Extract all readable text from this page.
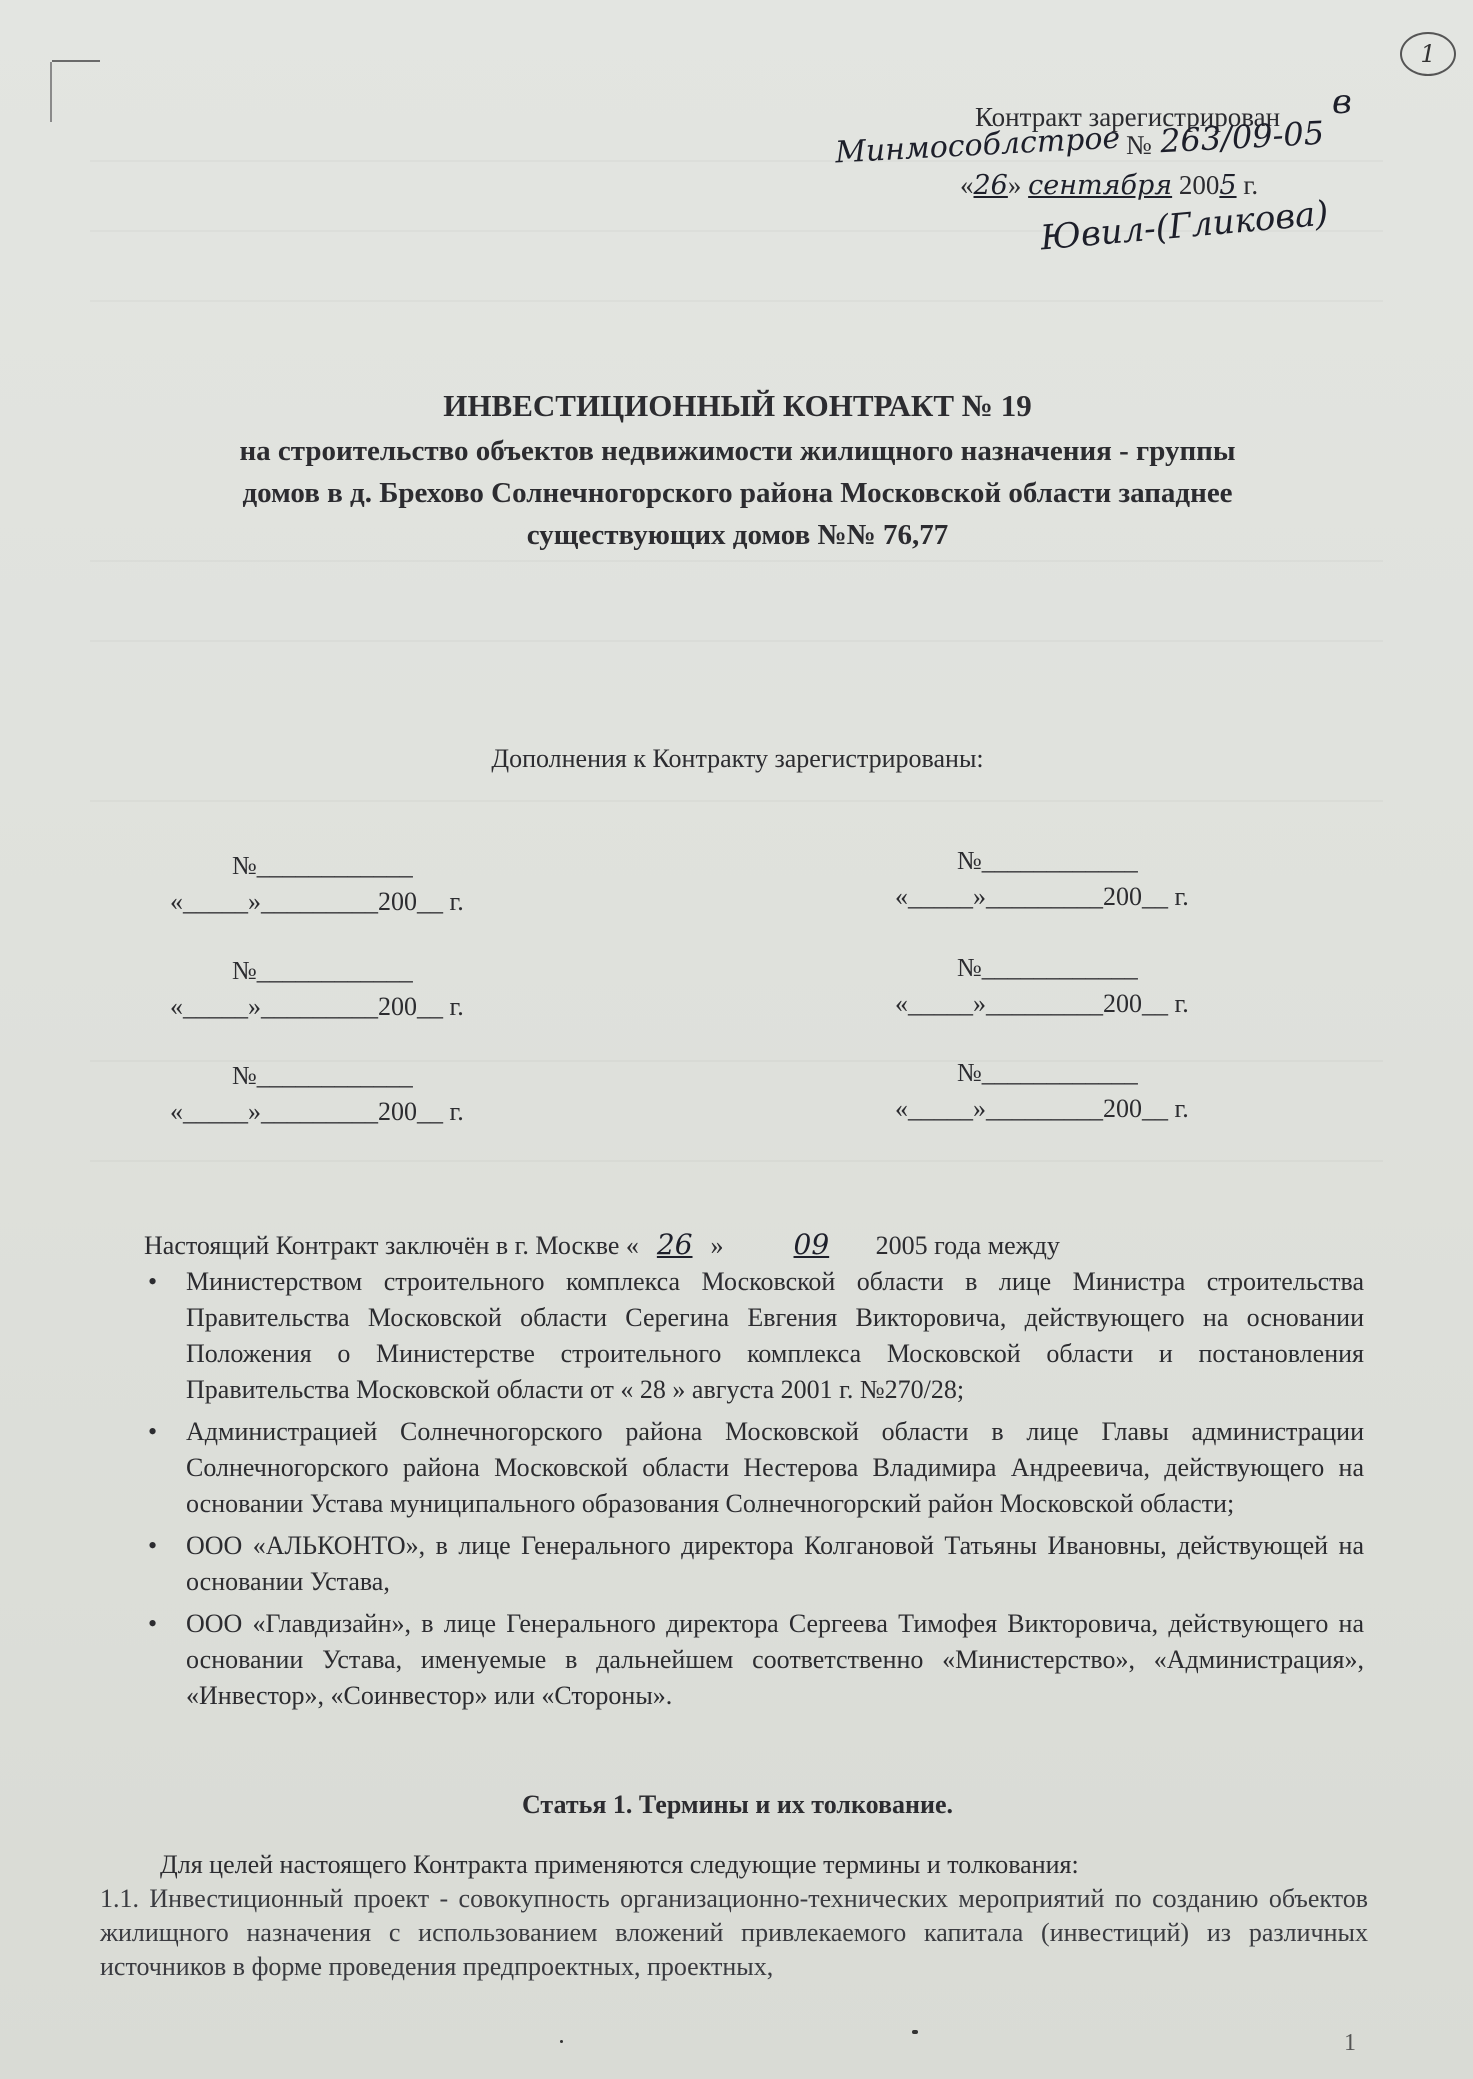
1
Контракт зарегистрирован в
Минмособлстрое № 263/09-05
«26» сентября 2005 г.
Ювил-(Гликова)
ИНВЕСТИЦИОННЫЙ КОНТРАКТ № 19
на строительство объектов недвижимости жилищного назначения - группы
домов в д. Брехово Солнечногорского района Московской области западнее
существующих домов №№ 76,77
Дополнения к Контракту зарегистрированы:
№____________
«_____»_________200__ г.
№____________
«_____»_________200__ г.
№____________
«_____»_________200__ г.
№____________
«_____»_________200__ г.
№____________
«_____»_________200__ г.
№____________
«_____»_________200__ г.
Настоящий Контракт заключён в г. Москве « 26 »	09 2005 года между
• Министерством строительного комплекса Московской области в лице Министра строительства Правительства Московской области Серегина Евгения Викторовича, действующего на основании Положения о Министерстве строительного комплекса Московской области и постановления Правительства Московской области от « 28 » августа 2001 г. №270/28;
• Администрацией Солнечногорского района Московской области в лице Главы администрации Солнечногорского района Московской области Нестерова Владимира Андреевича, действующего на основании Устава муниципального образования Солнечногорский район Московской области;
• ООО «АЛЬКОНТО», в лице Генерального директора Колгановой Татьяны Ивановны, действующей на основании Устава,
• ООО «Главдизайн», в лице Генерального директора Сергеева Тимофея Викторовича, действующего на основании Устава, именуемые в дальнейшем соответственно «Министерство», «Администрация», «Инвестор», «Соинвестор» или «Стороны».
Статья 1. Термины и их толкование.
Для целей настоящего Контракта применяются следующие термины и толкования:
1.1. Инвестиционный проект - совокупность организационно-технических мероприятий по созданию объектов жилищного назначения с использованием вложений привлекаемого капитала (инвестиций) из различных источников в форме проведения предпроектных, проектных,
1
